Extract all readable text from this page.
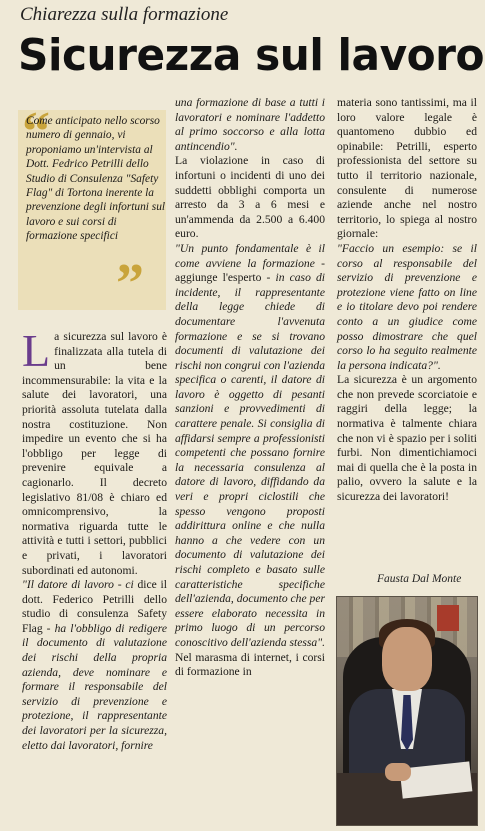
Chiarezza sulla formazione
Sicurezza sul lavoro
“

Come anticipato nello scorso numero di gennaio, vi proponiamo un'intervista al Dott. Fedrico Petrilli dello Studio di Consulenza "Safety Flag" di Tortona inerente la prevenzione degli infortuni sul lavoro e sui corsi di formazione specifici

”

La sicurezza sul lavoro è finalizzata alla tutela di un bene incommensurabile: la vita e la salute dei lavoratori, una priorità assoluta tutelata dalla nostra costituzione. Non impedire un evento che si ha l'obbligo per legge di prevenire equivale a cagionarlo. Il decreto legislativo 81/08 è chiaro ed omnicomprensivo, la normativa riguarda tutte le attività e tutti i settori, pubblici e privati, i lavoratori subordinati ed autonomi.

"Il datore di lavoro - ci dice il dott. Federico Petrilli dello studio di consulenza Safety Flag - ha l'obbligo di redigere il documento di valutazione dei rischi della propria azienda, deve nominare e formare il responsabile del servizio di prevenzione e protezione, il rappresentante dei lavoratori per la sicurezza, eletto dai lavoratori, fornire

una formazione di base a tutti i lavoratori e nominare l'addetto al primo soccorso e alla lotta antincendio".

La violazione in caso di infortuni o incidenti di uno dei suddetti obblighi comporta un arresto da 3 a 6 mesi e un'ammenda da 2.500 a 6.400 euro.

"Un punto fondamentale è il come avviene la formazione - aggiunge l'esperto - in caso di incidente, il rappresentante della legge chiede di documentare l'avvenuta formazione e se si trovano documenti di valutazione dei rischi non congrui con l'azienda specifica o carenti, il datore di lavoro è oggetto di pesanti sanzioni e provvedimenti di carattere penale. Si consiglia di affidarsi sempre a professionisti competenti che possano fornire la necessaria consulenza al datore di lavoro, diffidando da veri e propri ciclostili che spesso vengono proposti addirittura online e che nulla hanno a che vedere con un documento di valutazione dei rischi completo e basato sulle caratteristiche specifiche dell'azienda, documento che per essere elaborato necessita in primo luogo di un percorso conoscitivo dell'azienda stessa".

Nel marasma di internet, i corsi di formazione in

materia sono tantissimi, ma il loro valore legale è quantomeno dubbio ed opinabile: Petrilli, esperto professionista del settore su tutto il territorio nazionale, consulente di numerose aziende anche nel nostro territorio, lo spiega al nostro giornale:

"Faccio un esempio: se il corso al responsabile del servizio di prevenzione e protezione viene fatto on line e io titolare devo poi rendere conto a un giudice come posso dimostrare che quel corso lo ha seguito realmente la persona indicata?".

La sicurezza è un argomento che non prevede scorciatoie e raggiri della legge; la normativa è talmente chiara che non vi è spazio per i soliti furbi. Non dimentichiamoci mai di quella che è la posta in palio, ovvero la salute e la sicurezza dei lavoratori!

Fausta Dal Monte
